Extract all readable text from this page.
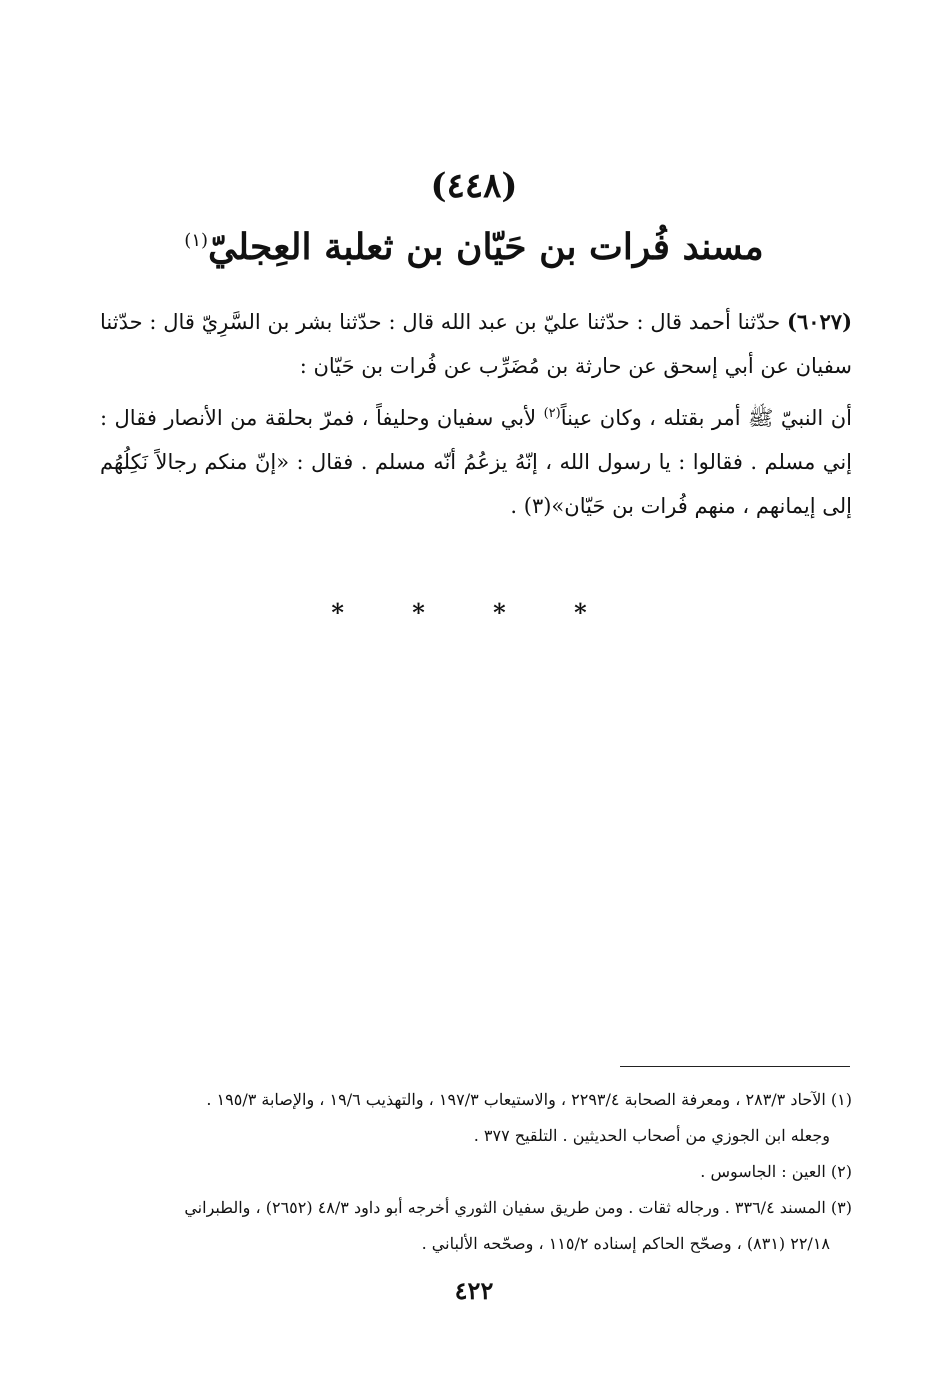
(٤٤٨)
مسند فُرات بن حَيّان بن ثعلبة العِجليّ$^{(١)}$
(٦٠٢٧) حدّثنا أحمد قال : حدّثنا عليّ بن عبد الله قال : حدّثنا بشر بن السَّرِيّ قال : حدّثنا سفيان عن أبي إسحق عن حارثة بن مُضَرِّب عن فُرات بن حَيّان :
أن النبيّ ﷺ أمر بقتله ، وكان عيناً$^{(٢)}$ لأبي سفيان وحليفاً ، فمرّ بحلقة من الأنصار فقال : إني مسلم . فقالوا : يا رسول الله ، إنّهُ يزعُمُ أنّه مسلم . فقال : «إنّ منكم رجالاً نَكِلُهُم إلى إيمانهم ، منهم فُرات بن حَيّان»(٣) .
* * * *

(١) الآحاد ٢٨٣/٣ ، ومعرفة الصحابة ٢٢٩٣/٤ ، والاستيعاب ١٩٧/٣ ، والتهذيب ١٩/٦ ، والإصابة ١٩٥/٣ .
وجعله ابن الجوزي من أصحاب الحديثين . التلقيح ٣٧٧ .

(٢) العين : الجاسوس .

(٣) المسند ٣٣٦/٤ . ورجاله ثقات . ومن طريق سفيان الثوري أخرجه أبو داود ٤٨/٣ (٢٦٥٢) ، والطبراني
٢٢/١٨ (٨٣١) ، وصحّح الحاكم إسناده ١١٥/٢ ، وصحّحه الألباني .

٤٢٢
